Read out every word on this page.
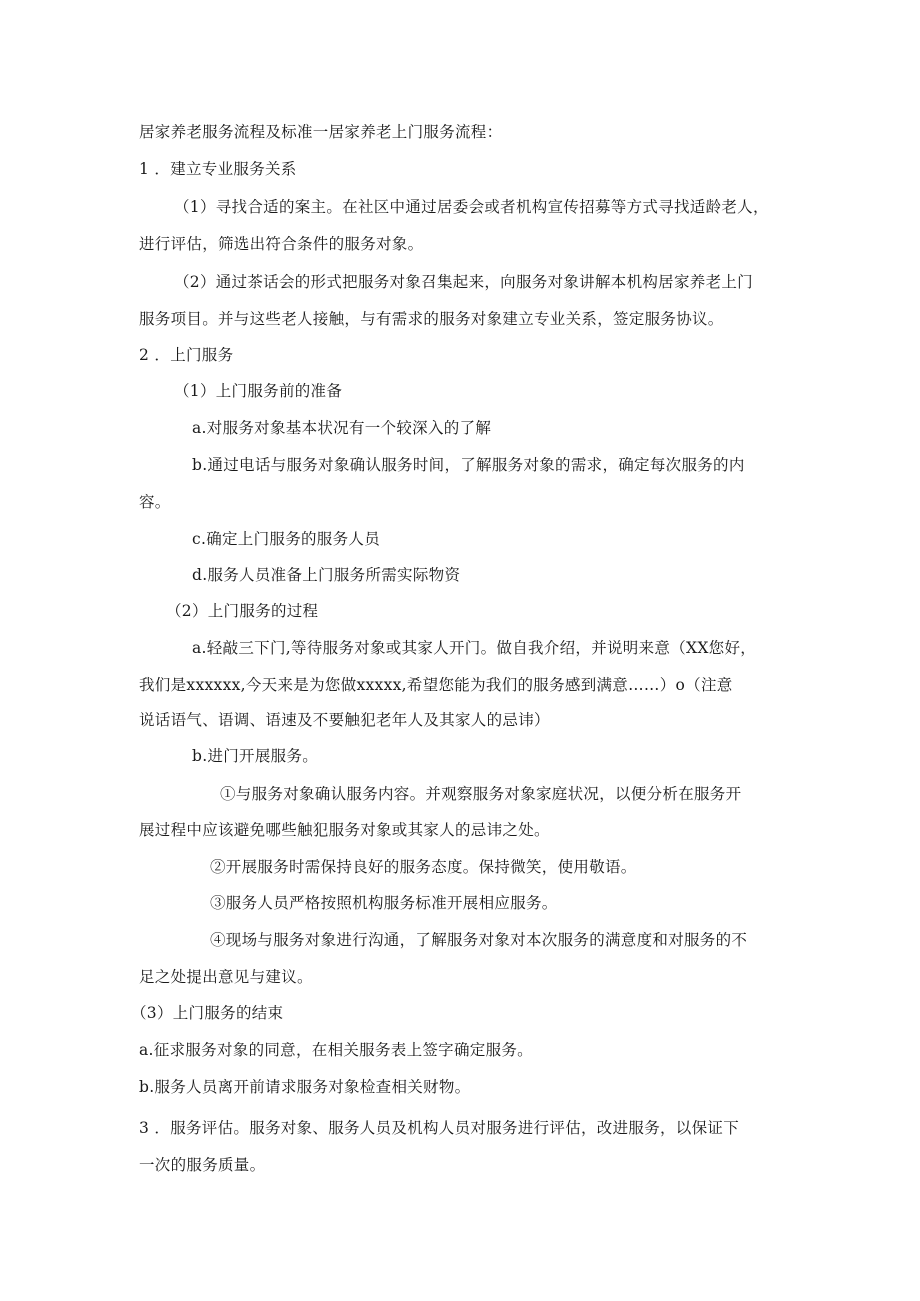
居家养老服务流程及标准一居家养老上门服务流程：
1 ．建立专业服务关系
（1）寻找合适的案主。在社区中通过居委会或者机构宣传招募等方式寻找适龄老人，
进行评估，筛选出符合条件的服务对象。
（2）通过茶话会的形式把服务对象召集起来，向服务对象讲解本机构居家养老上门
服务项目。并与这些老人接触，与有需求的服务对象建立专业关系，签定服务协议。
2 ．上门服务
（1）上门服务前的准备
a.对服务对象基本状况有一个较深入的了解
b.通过电话与服务对象确认服务时间，了解服务对象的需求，确定每次服务的内
容。
c.确定上门服务的服务人员
d.服务人员准备上门服务所需实际物资
（2）上门服务的过程
a.轻敲三下门,等待服务对象或其家人开门。做自我介绍，并说明来意（XX您好，
我们是xxxxxx,今天来是为您做xxxxx,希望您能为我们的服务感到满意……）o（注意
说话语气、语调、语速及不要触犯老年人及其家人的忌讳）
b.进门开展服务。
①与服务对象确认服务内容。并观察服务对象家庭状况，以便分析在服务开
展过程中应该避免哪些触犯服务对象或其家人的忌讳之处。
②开展服务时需保持良好的服务态度。保持微笑，使用敬语。
③服务人员严格按照机构服务标准开展相应服务。
④现场与服务对象进行沟通，了解服务对象对本次服务的满意度和对服务的不
足之处提出意见与建议。
（3）上门服务的结束
a.征求服务对象的同意，在相关服务表上签字确定服务。
b.服务人员离开前请求服务对象检查相关财物。
3 ．服务评估。服务对象、服务人员及机构人员对服务进行评估，改进服务，以保证下
一次的服务质量。
